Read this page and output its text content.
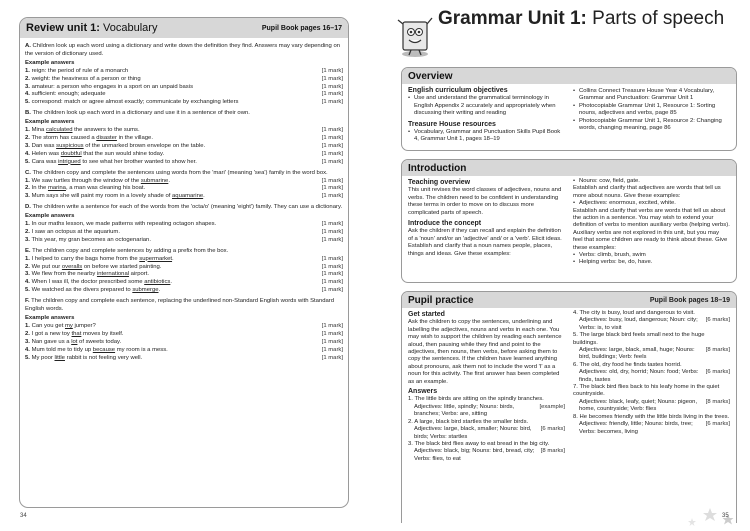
Review unit 1: Vocabulary	Pupil Book pages 16–17
A. Children look up each word using a dictionary and write down the definition they find. Answers may vary depending on the version of dictionary used.
Example answers
1. reign: the period of rule of a monarch	[1 mark]
2. weight: the heaviness of a person or thing	[1 mark]
3. amateur: a person who engages in a sport on an unpaid basis	[1 mark]
4. sufficient: enough; adequate	[1 mark]
5. correspond: match or agree almost exactly; communicate by exchanging letters	[1 mark]
B. The children look up each word in a dictionary and use it in a sentence of their own.
Example answers
1. Mina calculated the answers to the sums.	[1 mark]
2. The storm has caused a disaster in the village.	[1 mark]
3. Dan was suspicious of the unmarked brown envelope on the table.	[1 mark]
4. Helen was doubtful that the sun would shine today.	[1 mark]
5. Cara was intrigued to see what her brother wanted to show her.	[1 mark]
C. The children copy and complete the sentences using words from the 'mari' (meaning 'sea') family in the word box.
1. We saw turtles through the window of the submarine.	[1 mark]
2. In the marina, a man was cleaning his boat.	[1 mark]
3. Mum says she will paint my room in a lovely shade of aquamarine.	[1 mark]
D. The children write a sentence for each of the words from the 'octa/o' (meaning 'eight') family. They can use a dictionary.
Example answers
1. In our maths lesson, we made patterns with repeating octagon shapes.	[1 mark]
2. I saw an octopus at the aquarium.	[1 mark]
3. This year, my gran becomes an octogenarian.	[1 mark]
E. The children copy and complete sentences by adding a prefix from the box.
1. I helped to carry the bags home from the supermarket.	[1 mark]
2. We put our overalls on before we started painting.	[1 mark]
3. We flew from the nearby international airport.	[1 mark]
4. When I was ill, the doctor prescribed some antibiotics.	[1 mark]
5. We watched as the divers prepared to submerge.	[1 mark]
F. The children copy and complete each sentence, replacing the underlined non-Standard English words with Standard English words.
Example answers
1. Can you get my jumper?	[1 mark]
2. I got a new toy that moves by itself.	[1 mark]
3. Nan gave us a lot of sweets today.	[1 mark]
4. Mum told me to tidy up because my room is a mess.	[1 mark]
5. My poor little rabbit is not feeling very well.	[1 mark]
34
Grammar Unit 1: Parts of speech
Overview
English curriculum objectives
• Use and understand the grammatical terminology in English Appendix 2 accurately and appropriately when discussing their writing and reading
Treasure House resources
• Vocabulary, Grammar and Punctuation Skills Pupil Book 4, Grammar Unit 1, pages 18–19
• Collins Connect Treasure House Year 4 Vocabulary, Grammar and Punctuation: Grammar Unit 1
• Photocopiable Grammar Unit 1, Resource 1: Sorting nouns, adjectives and verbs, page 85
• Photocopiable Grammar Unit 1, Resource 2: Changing words, changing meaning, page 86
Introduction
Teaching overview
This unit revises the word classes of adjectives, nouns and verbs. The children need to be confident in understanding these terms in order to move on to discuss more complicated parts of speech.
Introduce the concept
Ask the children if they can recall and explain the definition of a 'noun' and/or an 'adjective' and/ or a 'verb'. Elicit ideas. Establish and clarify that a noun names people, places, things and ideas. Give these examples:
• Nouns: cow, field, gate.
Establish and clarify that adjectives are words that tell us more about nouns. Give these examples:
• Adjectives: enormous, excited, white.
Establish and clarify that verbs are words that tell us about the action in a sentence. You may wish to extend your definition of verbs to mention auxiliary verbs (helping verbs). Auxiliary verbs are not explored in this unit, but you may feel that some children are ready to think about these. Give these examples:
• Verbs: climb, brush, swim
• Helping verbs: be, do, have.
Pupil practice	Pupil Book pages 18–19
Get started
Ask the children to copy the sentences, underlining and labelling the adjectives, nouns and verbs in each one. You may wish to support the children by reading each sentence aloud, then pausing while they find and point to the adjectives, then nouns, then verbs, before asking them to copy the sentences. If the children have learned anything about pronouns, ask them not to include the word 'I' as a noun for this activity. The first answer has been completed as an example.
Answers
1. The little birds are sitting on the spindly branches.
Adjectives: little, spindly; Nouns: birds, branches; Verbs: are, sitting
[example]
2. A large, black bird startles the smaller birds.
Adjectives: large, black, smaller; Nouns: bird, birds; Verbs: startles
[6 marks]
3. The black bird flies away to eat bread in the big city.
Adjectives: black, big; Nouns: bird, bread, city; Verbs: flies, to eat
[8 marks]
4. The city is busy, loud and dangerous to visit.
Adjectives: busy, loud, dangerous; Noun: city; Verbs: is, to visit
[6 marks]
5. The large black bird feels small next to the huge buildings.
Adjectives: large, black, small, huge; Nouns: bird, buildings; Verb: feels
[8 marks]
6. The old, dry food he finds tastes horrid.
Adjectives: old, dry, horrid; Noun: food; Verbs: finds, tastes
[6 marks]
7. The black bird flies back to his leafy home in the quiet countryside.
Adjectives: black, leafy, quiet; Nouns: pigeon, home, countryside; Verb: flies
[8 marks]
8. He becomes friendly with the little birds living in the trees.
Adjectives: friendly, little; Nouns: birds, tree; Verbs: becomes, living
[6 marks]
35
